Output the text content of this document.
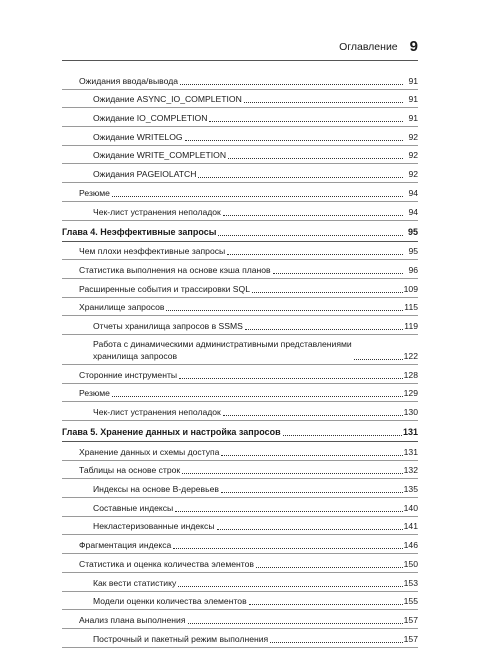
Оглавление 9
Ожидания ввода/вывода	91
Ожидание ASYNC_IO_COMPLETION	91
Ожидание IO_COMPLETION	91
Ожидание WRITELOG	92
Ожидание WRITE_COMPLETION	92
Ожидания PAGEIOLATCH	92
Резюме	94
Чек-лист устранения неполадок	94
Глава 4. Неэффективные запросы	95
Чем плохи неэффективные запросы	95
Статистика выполнения на основе кэша планов	96
Расширенные события и трассировки SQL	109
Хранилище запросов	115
Отчеты хранилища запросов в SSMS	119
Работа с динамическими административными представлениями
хранилища запросов	122
Сторонние инструменты	128
Резюме	129
Чек-лист устранения неполадок	130
Глава 5. Хранение данных и настройка запросов	131
Хранение данных и схемы доступа	131
Таблицы на основе строк	132
Индексы на основе B-деревьев	135
Составные индексы	140
Некластеризованные индексы	141
Фрагментация индекса	146
Статистика и оценка количества элементов	150
Как вести статистику	153
Модели оценки количества элементов	155
Анализ плана выполнения	157
Построчный и пакетный режим выполнения	157
